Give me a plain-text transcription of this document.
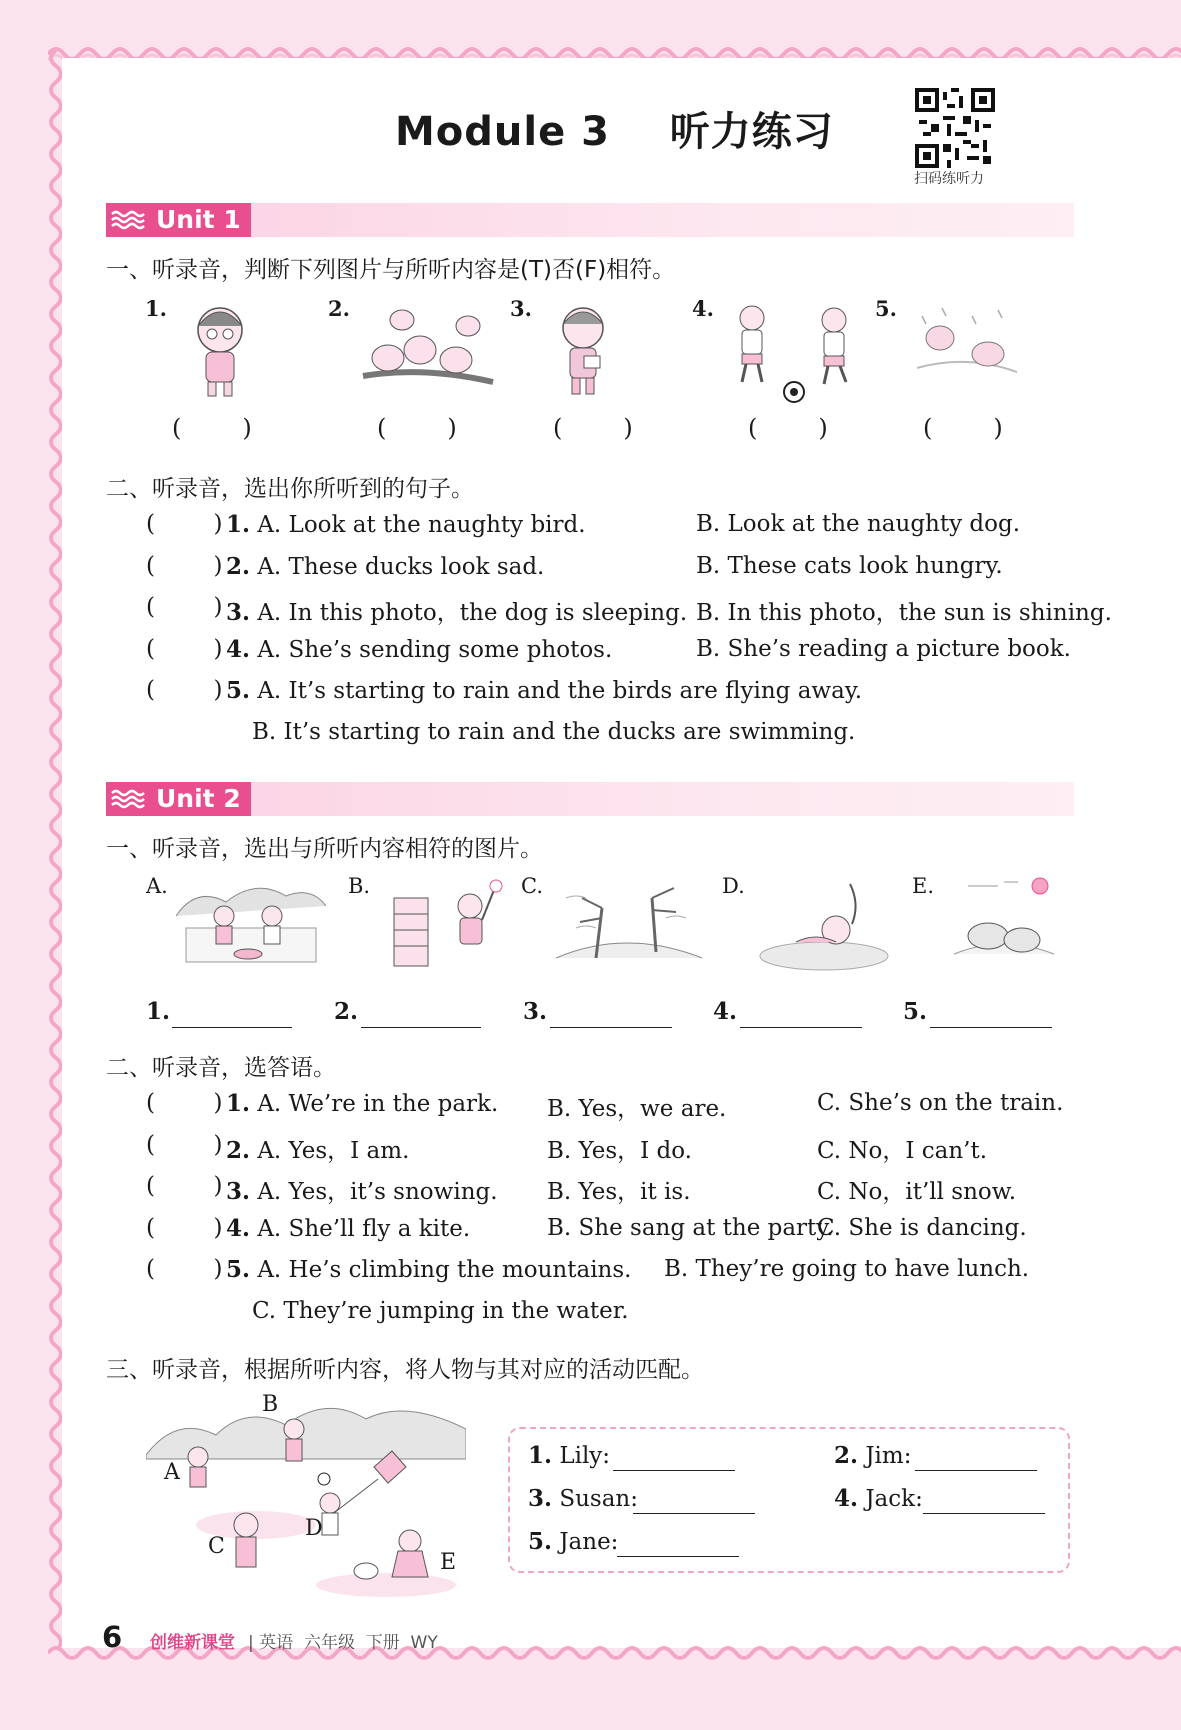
Module 3    听力练习
扫码练听力
Unit 1
一、听录音，判断下列图片与所听内容是(T)否(F)相符。
1.
(        )
2.
(        )
3.
(        )
4.
(        )
5.
(        )
二、听录音，选出你所听到的句子。
(        ) 1. A. Look at the naughty bird.	B. Look at the naughty dog.
(        ) 2. A. These ducks look sad.	B. These cats look hungry.
(        ) 3. A. In this photo，the dog is sleeping. B. In this photo，the sun is shining.
(        ) 4. A. She’s sending some photos.	B. She’s reading a picture book.
(        ) 5. A. It’s starting to rain and the birds are flying away.
B. It’s starting to rain and the ducks are swimming.
Unit 2
一、听录音，选出与所听内容相符的图片。
A.	B.	C.	D.	E.
1.	2.	3.	4.	5.
二、听录音，选答语。
(        ) 1. A. We’re in the park. B. Yes，we are.	C. She’s on the train.
(        ) 2. A. Yes，I am.	B. Yes，I do.	C. No，I can’t.
(        ) 3. A. Yes，it’s snowing. B. Yes，it is.	C. No，it’ll snow.
(        ) 4. A. She’ll fly a kite.	B. She sang at the party.
C. She is dancing.
(        ) 5. A. He’s climbing the mountains. B. They’re going to have lunch.
C. They’re jumping in the water.
三、听录音，根据所听内容，将人物与其对应的活动匹配。
B
A
C
D
E
1. Lily:	2. Jim:
3. Susan:	4. Jack:
5. Jane:
6 创维新课堂 | 英语  六年级  下册  WY
